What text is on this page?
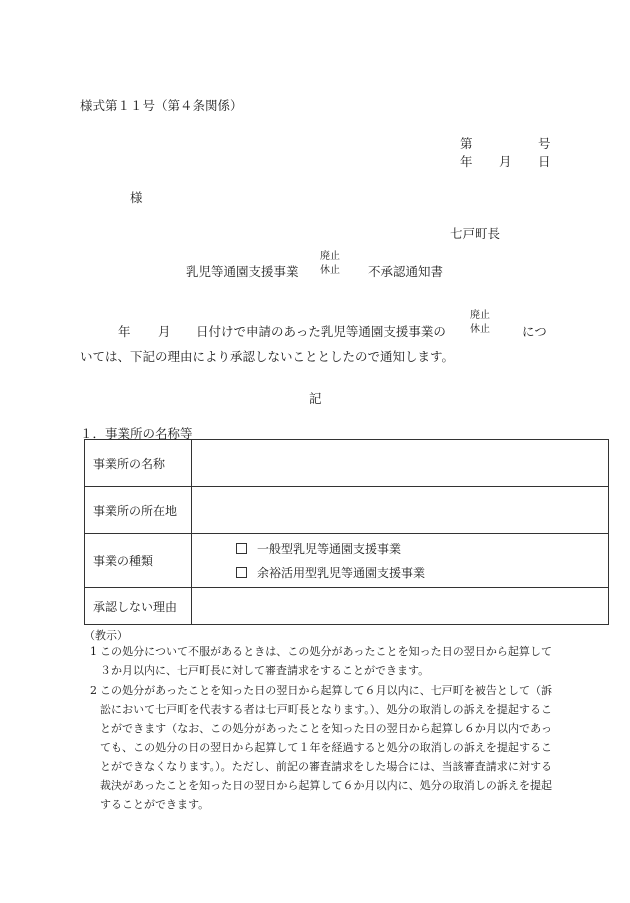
様式第１１号（第４条関係）
第	号
年 月 日
様
七戸町長
乳児等通園支援事業
廃止
休止 不承認通知書
年 月 日付けで申請のあった乳児等通園支援事業の
廃止
休止	につ
いては、下記の理由により承認しないこととしたので通知します。
記
１．事業所の名称等
事業所の名称	
事業所の所在地	
事業の種類	一般型乳児等通園支援事業
余裕活用型乳児等通園支援事業

承認しない理由	
（教示）
1 この処分について不服があるときは、この処分があったことを知った日の翌日から起算して３か月以内に、七戸町長に対して審査請求をすることができます。
2 この処分があったことを知った日の翌日から起算して６月以内に、七戸町を被告として（訴訟において七戸町を代表する者は七戸町長となります。）、処分の取消しの訴えを提起することができます（なお、この処分があったことを知った日の翌日から起算し６か月以内であっても、この処分の日の翌日から起算して１年を経過すると処分の取消しの訴えを提起することができなくなります。）。ただし、前記の審査請求をした場合には、当該審査請求に対する裁決があったことを知った日の翌日から起算して６か月以内に、処分の取消しの訴えを提起することができます。
